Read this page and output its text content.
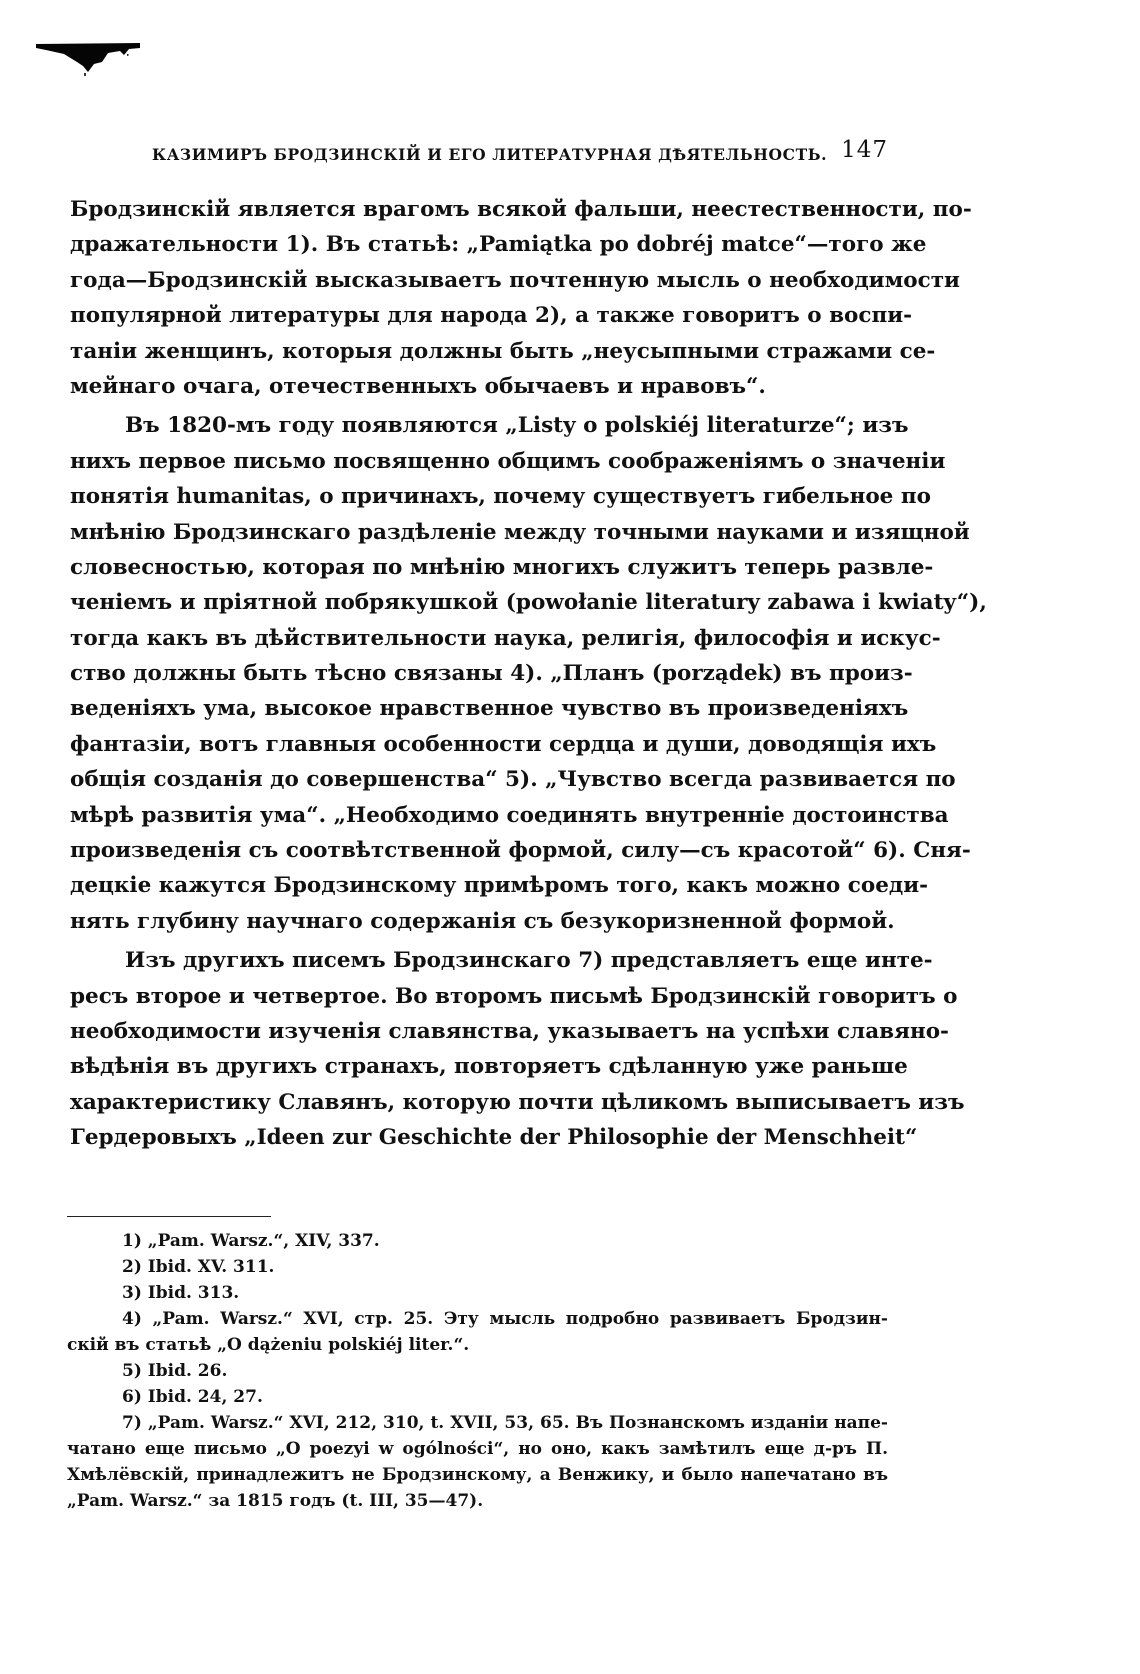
КАЗИМИРЪ БРОДЗИНСКІЙ И ЕГО ЛИТЕРАТУРНАЯ ДѢЯТЕЛЬНОСТЬ. 147
Бродзинскій является врагомъ всякой фальши, неестественности, по-
дражательности 1). Въ статьѣ: „Pamiątka po dobréj matce“—того же
года—Бродзинскій высказываетъ почтенную мысль о необходимости
популярной литературы для народа 2), а также говоритъ о воспи-
таніи женщинъ, которыя должны быть „неусыпными стражами се-
мейнаго очага, отечественныхъ обычаевъ и нравовъ“.
Въ 1820-мъ году появляются „Listy o polskiéj literaturze“; изъ
нихъ первое письмо посвященно общимъ соображеніямъ о значеніи
понятія humanitas, о причинахъ, почему существуетъ гибельное по
мнѣнію Бродзинскаго раздѣленіе между точными науками и изящной
словесностью, которая по мнѣнію многихъ служитъ теперь развле-
ченіемъ и пріятной побрякушкой (powołanie literatury zabawa i kwiaty“),
тогда какъ въ дѣйствительности наука, религія, философія и искус-
ство должны быть тѣсно связаны 4). „Планъ (porządek) въ произ-
веденіяхъ ума, высокое нравственное чувство въ произведеніяхъ
фантазіи, вотъ главныя особенности сердца и души, доводящія ихъ
общія созданія до совершенства“ 5). „Чувство всегда развивается по
мѣрѣ развитія ума“. „Необходимо соединять внутренніе достоинства
произведенія съ соотвѣтственной формой, силу—съ красотой“ 6). Сня-
децкіе кажутся Бродзинскому примѣромъ того, какъ можно соеди-
нять глубину научнаго содержанія съ безукоризненной формой.
Изъ другихъ писемъ Бродзинскаго 7) представляетъ еще инте-
ресъ второе и четвертое. Во второмъ письмѣ Бродзинскій говоритъ о
необходимости изученія славянства, указываетъ на успѣхи славяно-
вѣдѣнія въ другихъ странахъ, повторяетъ сдѣланную уже раньше
характеристику Славянъ, которую почти цѣликомъ выписываетъ изъ
Гердеровыхъ „Ideen zur Geschichte der Philosophie der Menschheit“
1) „Pam. Warsz.“, XIV, 337.
2) Ibid. XV. 311.
3) Ibid. 313.
4) „Pam. Warsz.“ XVI, стр. 25. Эту мысль подробно развиваетъ Бродзин-
скій въ статьѣ „O dążeniu polskiéj liter.“.
5) Ibid. 26.
6) Ibid. 24, 27.
7) „Pam. Warsz.“ XVI, 212, 310, t. XVII, 53, 65. Въ Познанскомъ изданіи напе-
чатано еще письмо „O poezyi w ogólności“, но оно, какъ замѣтилъ еще д-ръ П.
Хмѣлёвскій, принадлежитъ не Бродзинскому, а Венжику, и было напечатано въ
„Pam. Warsz.“ за 1815 годъ (t. III, 35—47).
